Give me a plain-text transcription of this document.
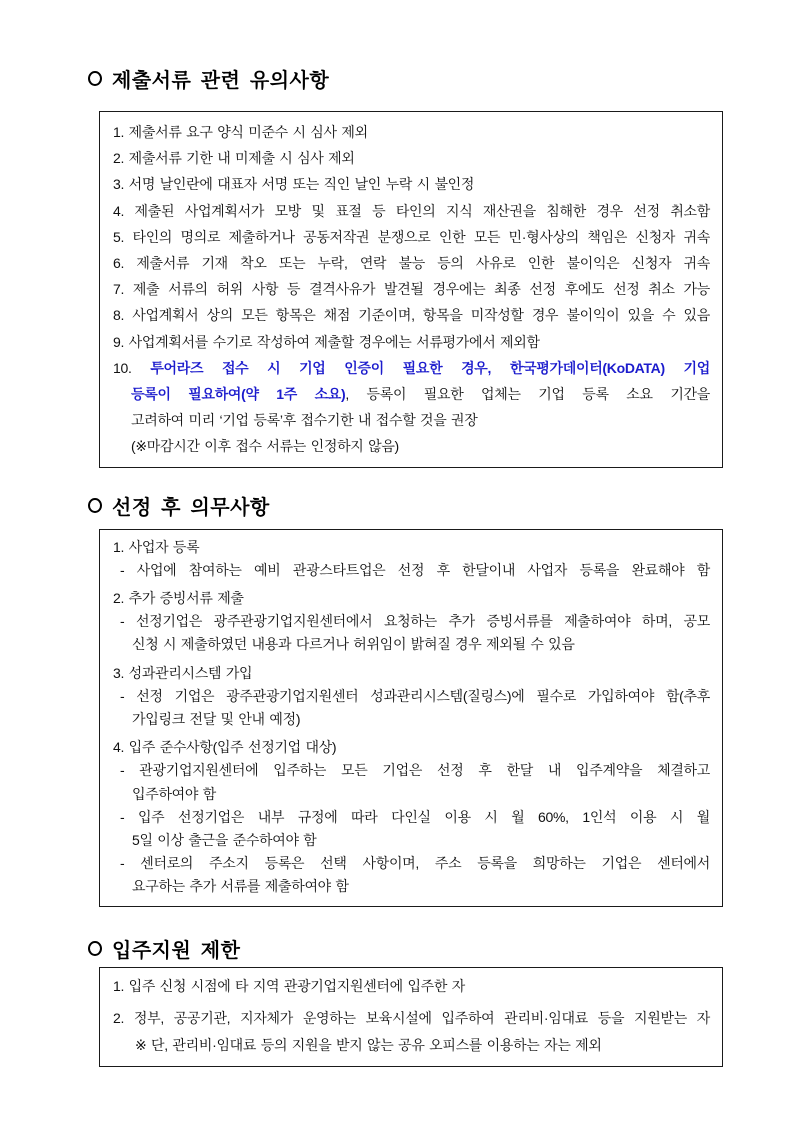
제출서류 관련 유의사항
1. 제출서류 요구 양식 미준수 시 심사 제외
2. 제출서류 기한 내 미제출 시 심사 제외
3. 서명 날인란에 대표자 서명 또는 직인 날인 누락 시 불인정
4. 제출된 사업계획서가 모방 및 표절 등 타인의 지식 재산권을 침해한 경우 선정 취소함
5. 타인의 명의로 제출하거나 공동저작권 분쟁으로 인한 모든 민·형사상의 책임은 신청자 귀속
6. 제출서류 기재 착오 또는 누락, 연락 불능 등의 사유로 인한 불이익은 신청자 귀속
7. 제출 서류의 허위 사항 등 결격사유가 발견될 경우에는 최종 선정 후에도 선정 취소 가능
8. 사업계획서 상의 모든 항목은 채점 기준이며, 항목을 미작성할 경우 불이익이 있을 수 있음
9. 사업계획서를 수기로 작성하여 제출할 경우에는 서류평가에서 제외함
10. 투어라즈 접수 시 기업 인증이 필요한 경우, 한국평가데이터(KoDATA) 기업
등록이 필요하여(약 1주 소요), 등록이 필요한 업체는 기업 등록 소요 기간을
고려하여 미리 ‘기업 등록’후 접수기한 내 접수할 것을 권장
(※마감시간 이후 접수 서류는 인정하지 않음)
선정 후 의무사항
1. 사업자 등록
- 사업에 참여하는 예비 관광스타트업은 선정 후 한달이내 사업자 등록을 완료해야 함
2. 추가 증빙서류 제출
- 선정기업은 광주관광기업지원센터에서 요청하는 추가 증빙서류를 제출하여야 하며, 공모
신청 시 제출하였던 내용과 다르거나 허위임이 밝혀질 경우 제외될 수 있음
3. 성과관리시스템 가입
- 선정 기업은 광주관광기업지원센터 성과관리시스템(질링스)에 필수로 가입하여야 함(추후
가입링크 전달 및 안내 예정)
4. 입주 준수사항(입주 선정기업 대상)
- 관광기업지원센터에 입주하는 모든 기업은 선정 후 한달 내 입주계약을 체결하고
입주하여야 함
- 입주 선정기업은 내부 규정에 따라 다인실 이용 시 월 60%, 1인석 이용 시 월
5일 이상 출근을 준수하여야 함
- 센터로의 주소지 등록은 선택 사항이며, 주소 등록을 희망하는 기업은 센터에서
요구하는 추가 서류를 제출하여야 함
입주지원 제한
1. 입주 신청 시점에 타 지역 관광기업지원센터에 입주한 자
2. 정부, 공공기관, 지자체가 운영하는 보육시설에 입주하여 관리비·임대료 등을 지원받는 자
※ 단, 관리비·임대료 등의 지원을 받지 않는 공유 오피스를 이용하는 자는 제외
